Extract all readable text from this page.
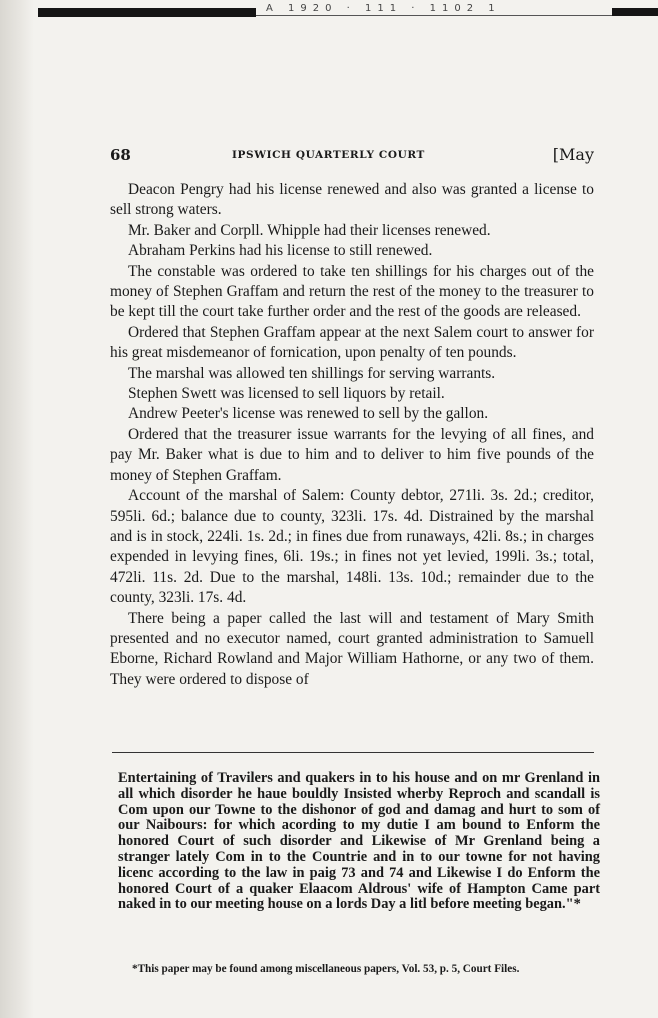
A 1920 · 111 · 1102 1
68	IPSWICH QUARTERLY COURT	[May

Deacon Pengry had his license renewed and also was granted a license to sell strong waters.

Mr. Baker and Corpll. Whipple had their licenses renewed.

Abraham Perkins had his license to still renewed.

The constable was ordered to take ten shillings for his charges out of the money of Stephen Graffam and return the rest of the money to the treasurer to be kept till the court take further order and the rest of the goods are released.

Ordered that Stephen Graffam appear at the next Salem court to answer for his great misdemeanor of fornication, upon penalty of ten pounds.

The marshal was allowed ten shillings for serving warrants.

Stephen Swett was licensed to sell liquors by retail.

Andrew Peeter's license was renewed to sell by the gallon.

Ordered that the treasurer issue warrants for the levying of all fines, and pay Mr. Baker what is due to him and to deliver to him five pounds of the money of Stephen Graffam.

Account of the marshal of Salem: County debtor, 271li. 3s. 2d.; creditor, 595li. 6d.; balance due to county, 323li. 17s. 4d. Distrained by the marshal and is in stock, 224li. 1s. 2d.; in fines due from runaways, 42li. 8s.; in charges expended in levying fines, 6li. 19s.; in fines not yet levied, 199li. 3s.; total, 472li. 11s. 2d. Due to the marshal, 148li. 13s. 10d.; remainder due to the county, 323li. 17s. 4d.

There being a paper called the last will and testament of Mary Smith presented and no executor named, court granted administration to Samuell Eborne, Richard Rowland and Major William Hathorne, or any two of them. They were ordered to dispose of

Entertaining of Travilers and quakers in to his house and on mr Grenland in all which disorder he haue bouldly Insisted wherby Reproch and scandall is Com upon our Towne to the dishonor of god and damag and hurt to som of our Naibours: for which acording to my dutie I am bound to Enform the honored Court of such disorder and Likewise of Mr Grenland being a stranger lately Com in to the Countrie and in to our towne for not having licenc according to the law in paig 73 and 74 and Likewise I do Enform the honored Court of a quaker Elaacom Aldrous' wife of Hampton Came part naked in to our meeting house on a lords Day a litl before meeting began."*

*This paper may be found among miscellaneous papers, Vol. 53, p. 5, Court Files.
